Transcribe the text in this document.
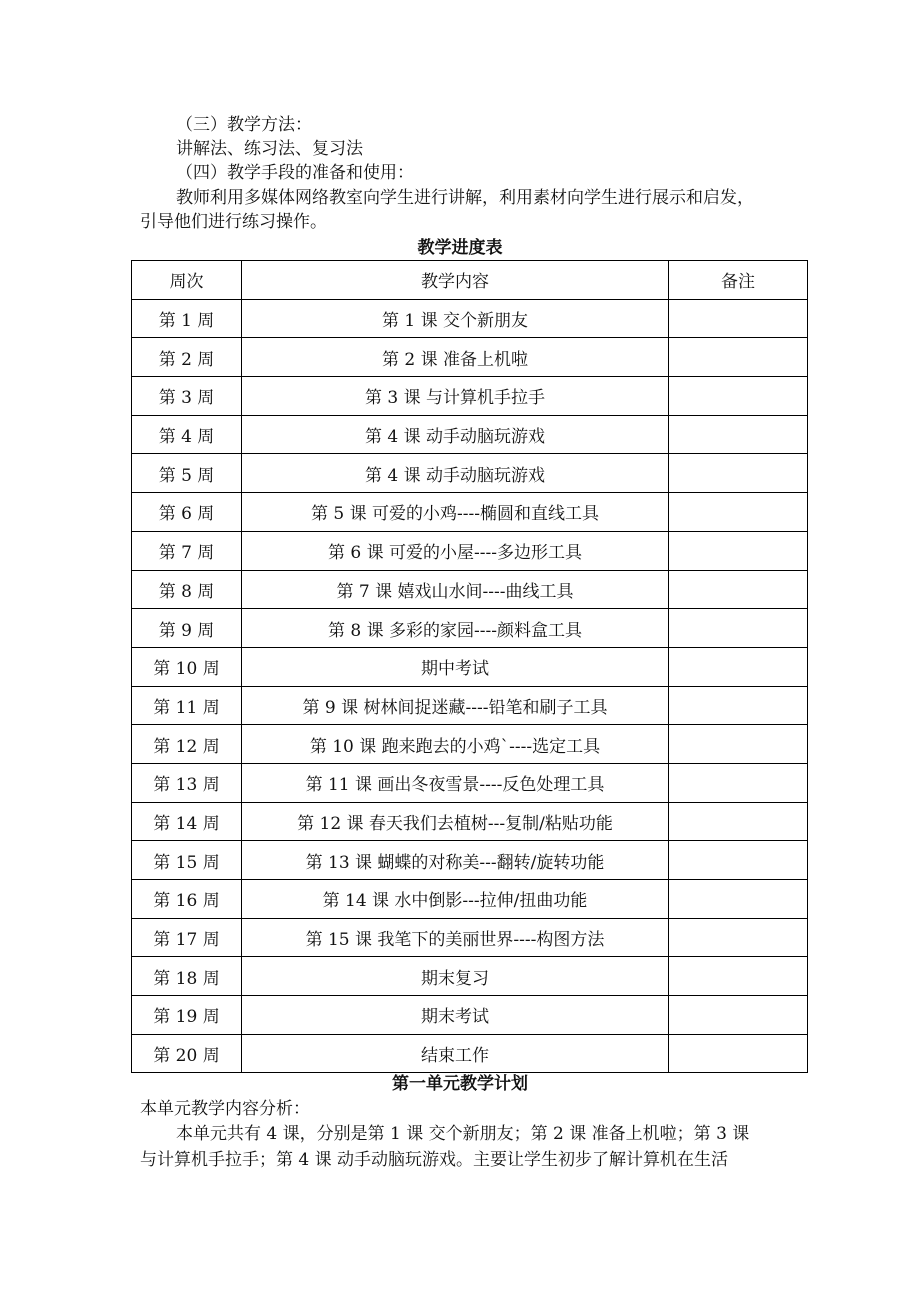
（三）教学方法：
讲解法、练习法、复习法
（四）教学手段的准备和使用：
教师利用多媒体网络教室向学生进行讲解，利用素材向学生进行展示和启发，
引导他们进行练习操作。
教学进度表
周次	教学内容	备注
第 1 周	第 1 课 交个新朋友	
第 2 周	第 2 课 准备上机啦	
第 3 周	第 3 课 与计算机手拉手	
第 4 周	第 4 课 动手动脑玩游戏	
第 5 周	第 4 课 动手动脑玩游戏	
第 6 周	第 5 课 可爱的小鸡----椭圆和直线工具	
第 7 周	第 6 课 可爱的小屋----多边形工具	
第 8 周	第 7 课 嬉戏山水间----曲线工具	
第 9 周	第 8 课 多彩的家园----颜料盒工具	
第 10 周	期中考试	
第 11 周	第 9 课 树林间捉迷藏----铅笔和刷子工具	
第 12 周	第 10 课 跑来跑去的小鸡`----选定工具	
第 13 周	第 11 课 画出冬夜雪景----反色处理工具	
第 14 周	第 12 课 春天我们去植树---复制/粘贴功能	
第 15 周	第 13 课 蝴蝶的对称美---翻转/旋转功能	
第 16 周	第 14 课 水中倒影---拉伸/扭曲功能	
第 17 周	第 15 课 我笔下的美丽世界----构图方法	
第 18 周	期末复习	
第 19 周	期末考试	
第 20 周	结束工作	
第一单元教学计划
本单元教学内容分析：
本单元共有 4 课，分别是第 1 课 交个新朋友；第 2 课 准备上机啦；第 3 课
与计算机手拉手；第 4 课 动手动脑玩游戏。主要让学生初步了解计算机在生活
